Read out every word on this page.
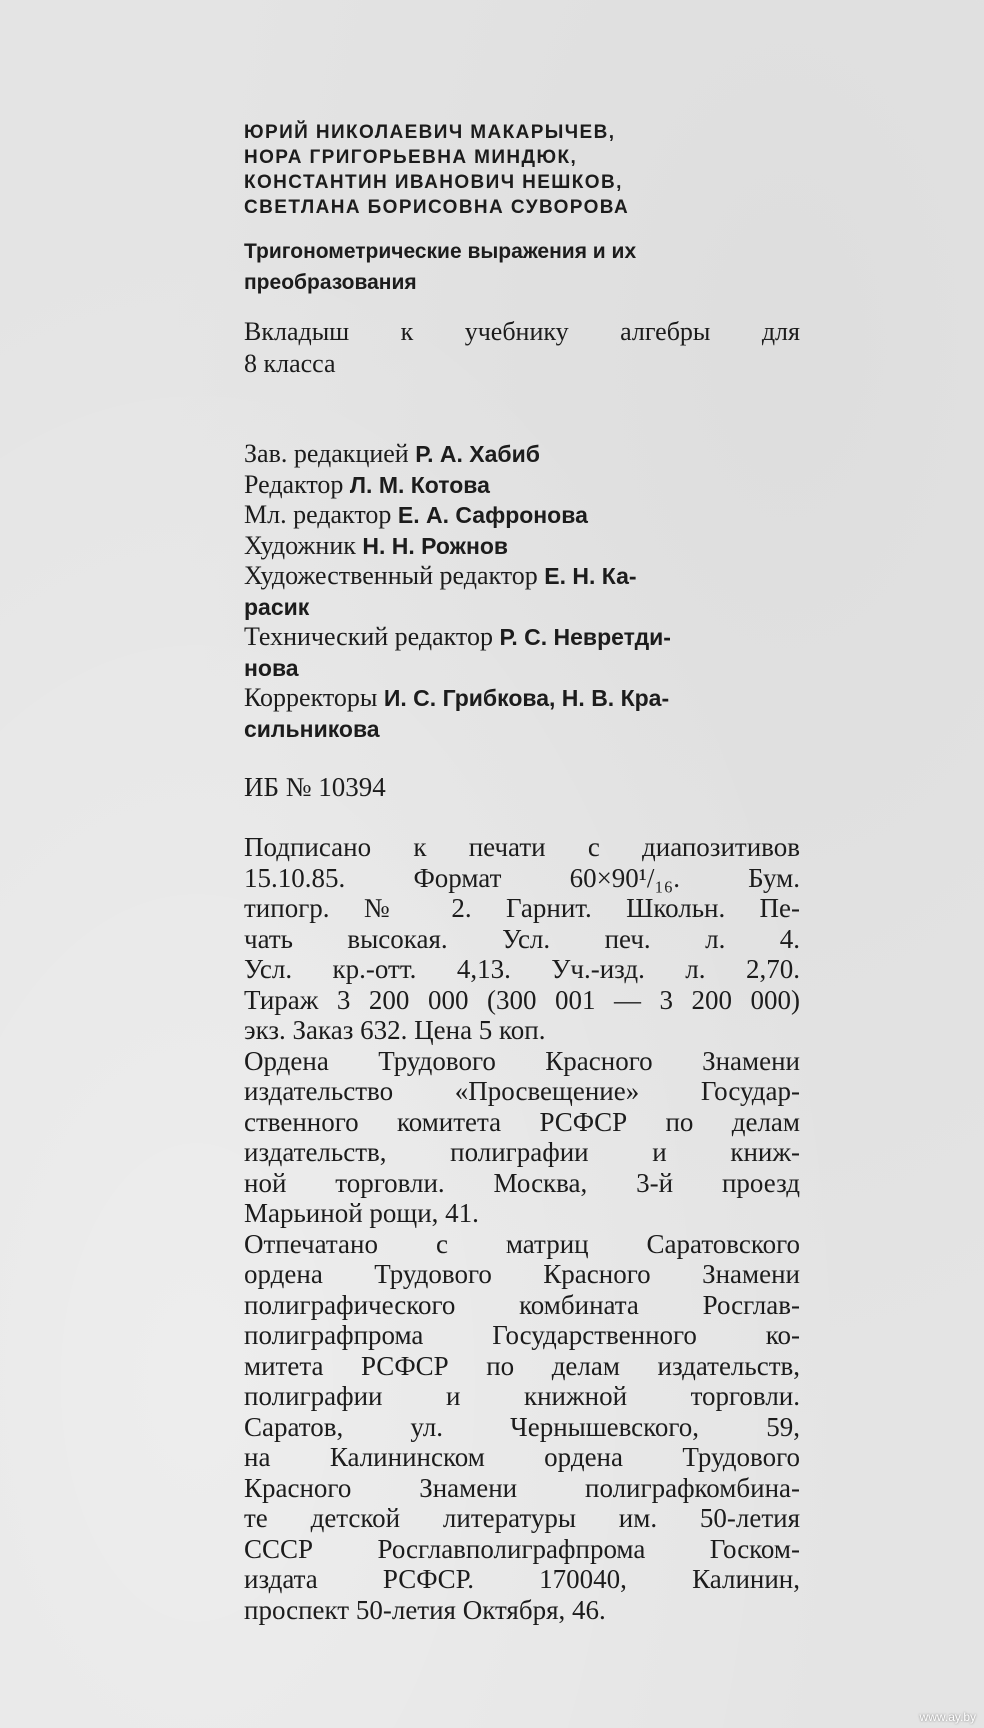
ЮРИЙ НИКОЛАЕВИЧ МАКАРЫЧЕВ,
НОРА ГРИГОРЬЕВНА МИНДЮК,
КОНСТАНТИН ИВАНОВИЧ НЕШКОВ,
СВЕТЛАНА БОРИСОВНА СУВОРОВА
Тригонометрические выражения и их
преобразования
Вкладыш к учебнику алгебры для
8 класса
Зав. редакцией Р. А. Хабиб
Редактор Л. М. Котова
Мл. редактор Е. А. Сафронова
Художник Н. Н. Рожнов
Художественный редактор Е. Н. Ка-
расик
Технический редактор Р. С. Невретди-
нова
Корректоры И. С. Грибкова, Н. В. Кра-
сильникова
ИБ № 10394
Подписано к печати с диапозитивов
15.10.85. Формат 60×90¹/₁₆. Бум.
типогр. № 2. Гарнит. Школьн. Пе-
чать высокая. Усл. печ. л. 4.
Усл. кр.-отт. 4,13. Уч.-изд. л. 2,70.
Тираж 3 200 000 (300 001 — 3 200 000)
экз. Заказ 632. Цена 5 коп.
Ордена Трудового Красного Знамени
издательство «Просвещение» Государ-
ственного комитета РСФСР по делам
издательств, полиграфии и книж-
ной торговли. Москва, 3-й проезд
Марьиной рощи, 41.
Отпечатано с матриц Саратовского
ордена Трудового Красного Знамени
полиграфического комбината Росглав-
полиграфпрома Государственного ко-
митета РСФСР по делам издательств,
полиграфии и книжной торговли.
Саратов, ул. Чернышевского, 59,
на Калининском ордена Трудового
Красного Знамени полиграфкомбина-
те детской литературы им. 50-летия
СССР Росглавполиграфпрома Госком-
издата РСФСР. 170040, Калинин,
проспект 50-летия Октября, 46.
www.ay.by
